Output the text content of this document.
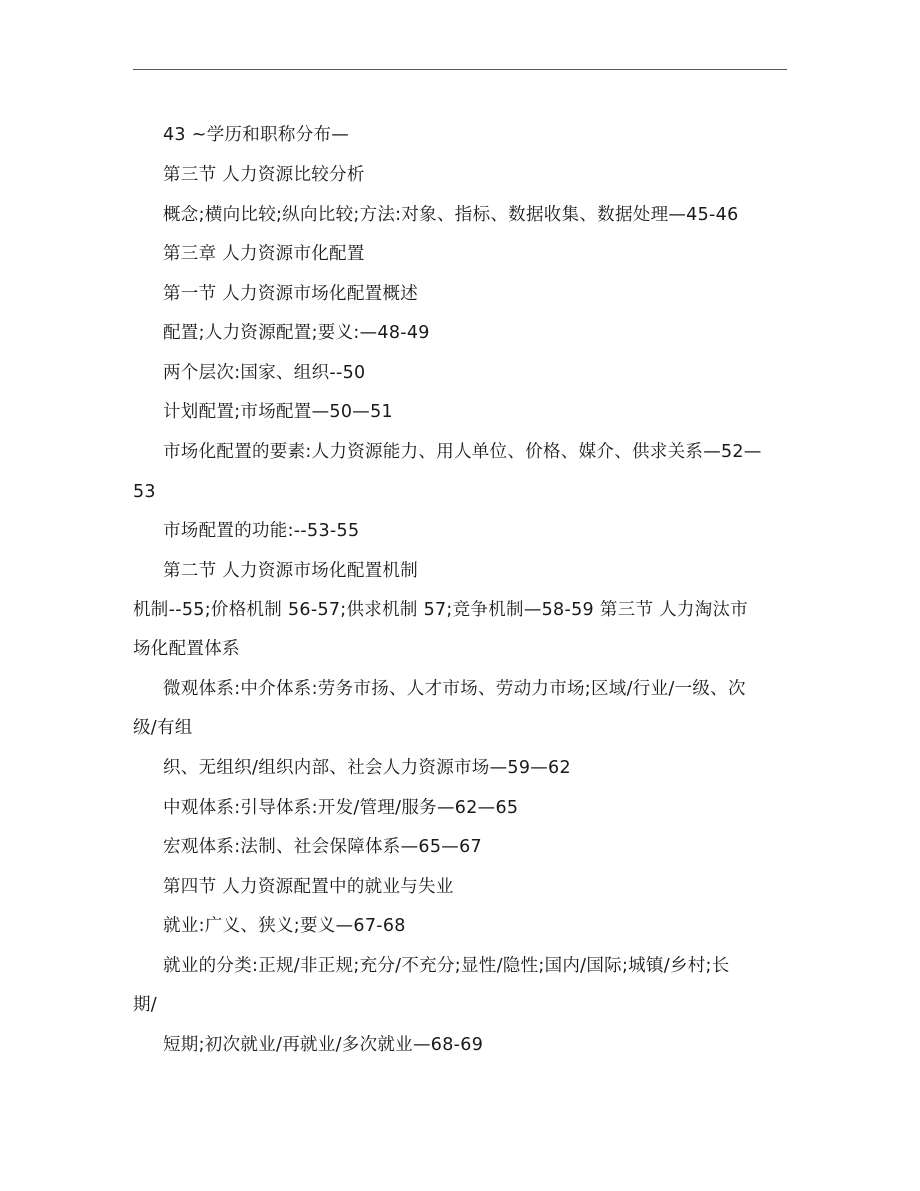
43 ~学历和职称分布—
第三节 人力资源比较分析
概念;横向比较;纵向比较;方法:对象、指标、数据收集、数据处理—45-46
第三章 人力资源市化配置
第一节 人力资源市场化配置概述
配置;人力资源配置;要义:—48-49
两个层次:国家、组织--50
计划配置;市场配置—50—51
市场化配置的要素:人力资源能力、用人单位、价格、媒介、供求关系—52—
53
市场配置的功能:--53-55
第二节 人力资源市场化配置机制
机制--55;价格机制 56-57;供求机制 57;竞争机制—58-59 第三节 人力淘汰市
场化配置体系
微观体系:中介体系:劳务市扬、人才市场、劳动力市场;区域/行业/一级、次
级/有组
织、无组织/组织内部、社会人力资源市场—59—62
中观体系:引导体系:开发/管理/服务—62—65
宏观体系:法制、社会保障体系—65—67
第四节 人力资源配置中的就业与失业
就业:广义、狭义;要义—67-68
就业的分类:正规/非正规;充分/不充分;显性/隐性;国内/国际;城镇/乡村;长
期/
短期;初次就业/再就业/多次就业—68-69
